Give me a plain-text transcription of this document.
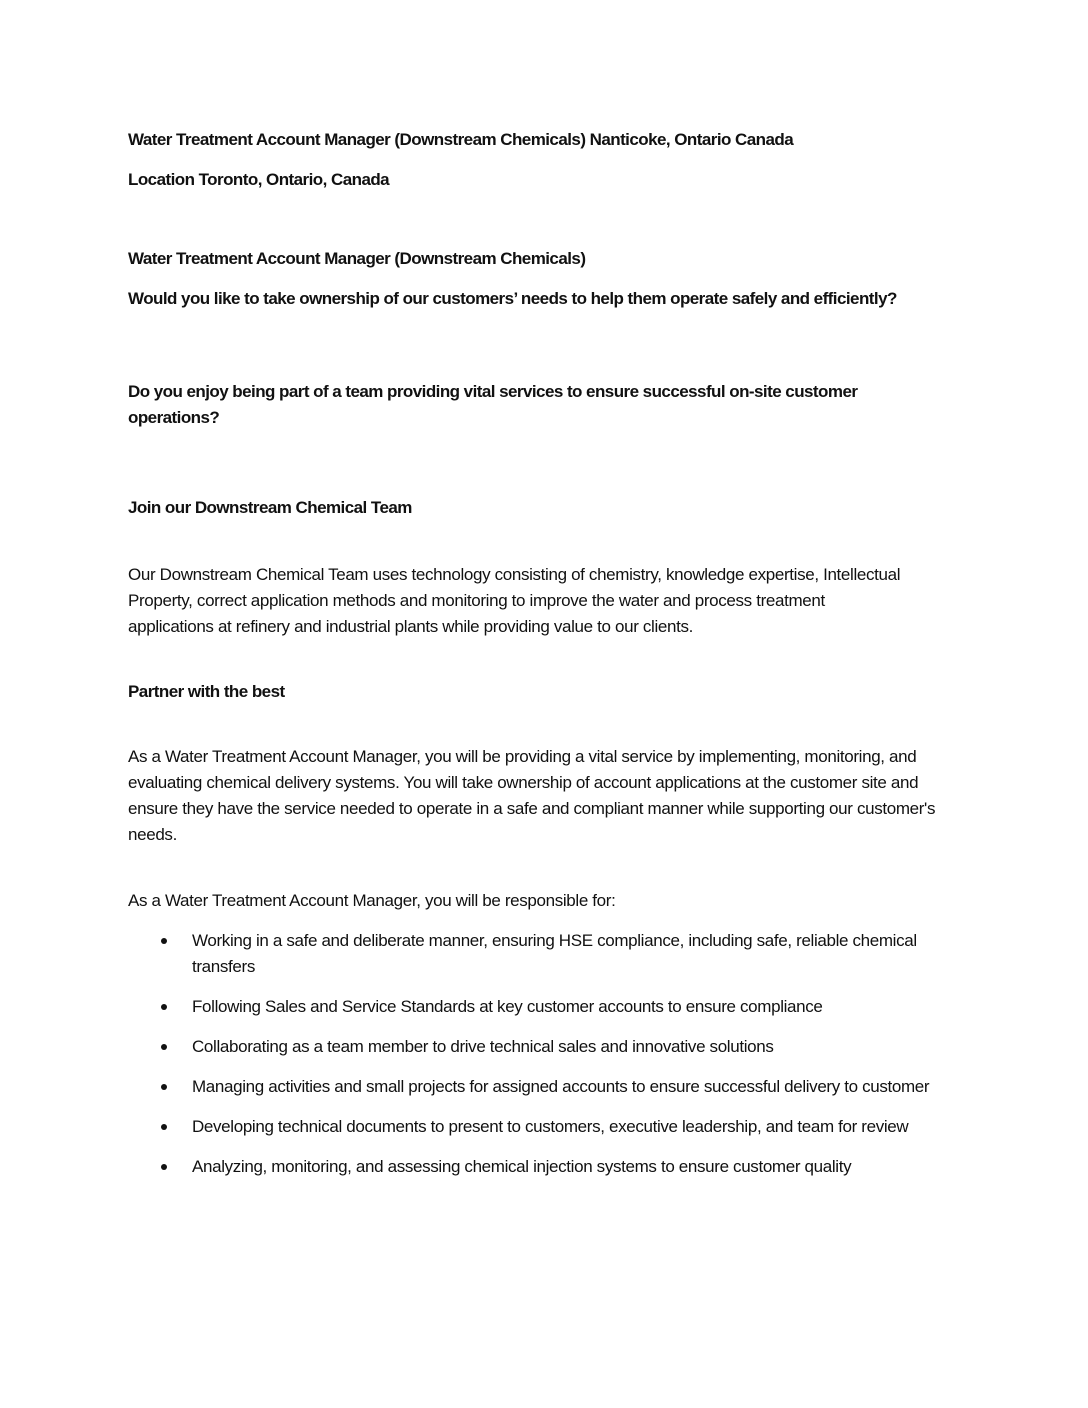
Water Treatment Account Manager (Downstream Chemicals) Nanticoke, Ontario Canada

Location Toronto, Ontario, Canada

Water Treatment Account Manager (Downstream Chemicals)

Would you like to take ownership of our customers’ needs to help them operate safely and efficiently?

Do you enjoy being part of a team providing vital services to ensure successful on-site customer operations?

Join our Downstream Chemical Team

Our Downstream Chemical Team uses technology consisting of chemistry, knowledge expertise, Intellectual Property, correct application methods and monitoring to improve the water and process treatment applications at refinery and industrial plants while providing value to our clients.

Partner with the best

As a Water Treatment Account Manager, you will be providing a vital service by implementing, monitoring, and evaluating chemical delivery systems. You will take ownership of account applications at the customer site and ensure they have the service needed to operate in a safe and compliant manner while supporting our customer's needs.

As a Water Treatment Account Manager, you will be responsible for:

Working in a safe and deliberate manner, ensuring HSE compliance, including safe, reliable chemical transfers
Following Sales and Service Standards at key customer accounts to ensure compliance
Collaborating as a team member to drive technical sales and innovative solutions
Managing activities and small projects for assigned accounts to ensure successful delivery to customer
Developing technical documents to present to customers, executive leadership, and team for review
Analyzing, monitoring, and assessing chemical injection systems to ensure customer quality
